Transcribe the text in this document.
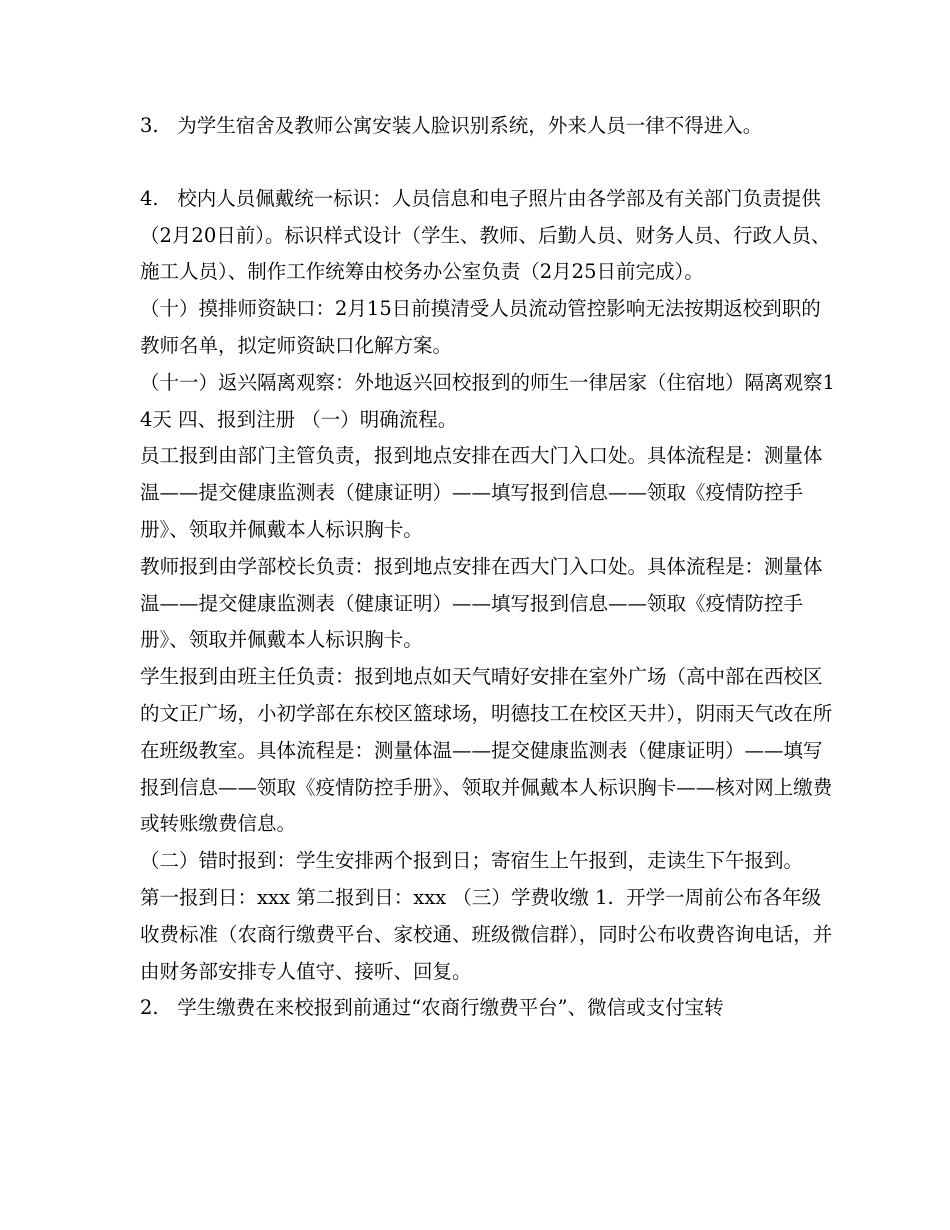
3.   为学生宿舍及教师公寓安装人脸识别系统，外来人员一律不得进入。

4.   校内人员佩戴统一标识：人员信息和电子照片由各学部及有关部门负责提供（2月20日前）。标识样式设计（学生、教师、后勤人员、财务人员、行政人员、施工人员）、制作工作统筹由校务办公室负责（2月25日前完成）。

（十）摸排师资缺口：2月15日前摸清受人员流动管控影响无法按期返校到职的教师名单，拟定师资缺口化解方案。

（十一）返兴隔离观察：外地返兴回校报到的师生一律居家（住宿地）隔离观察14天 四、报到注册 （一）明确流程。

员工报到由部门主管负责，报到地点安排在西大门入口处。具体流程是：测量体温——提交健康监测表（健康证明）——填写报到信息——领取《疫情防控手册》、领取并佩戴本人标识胸卡。

教师报到由学部校长负责：报到地点安排在西大门入口处。具体流程是：测量体温——提交健康监测表（健康证明）——填写报到信息——领取《疫情防控手册》、领取并佩戴本人标识胸卡。

学生报到由班主任负责：报到地点如天气晴好安排在室外广场（高中部在西校区的文正广场，小初学部在东校区篮球场，明德技工在校区天井），阴雨天气改在所在班级教室。具体流程是：测量体温——提交健康监测表（健康证明）——填写报到信息——领取《疫情防控手册》、领取并佩戴本人标识胸卡——核对网上缴费或转账缴费信息。

（二）错时报到：学生安排两个报到日；寄宿生上午报到，走读生下午报到。

第一报到日：xxx 第二报到日：xxx （三）学费收缴 1.  开学一周前公布各年级收费标准（农商行缴费平台、家校通、班级微信群），同时公布收费咨询电话，并由财务部安排专人值守、接听、回复。

2.   学生缴费在来校报到前通过“农商行缴费平台”、微信或支付宝转
